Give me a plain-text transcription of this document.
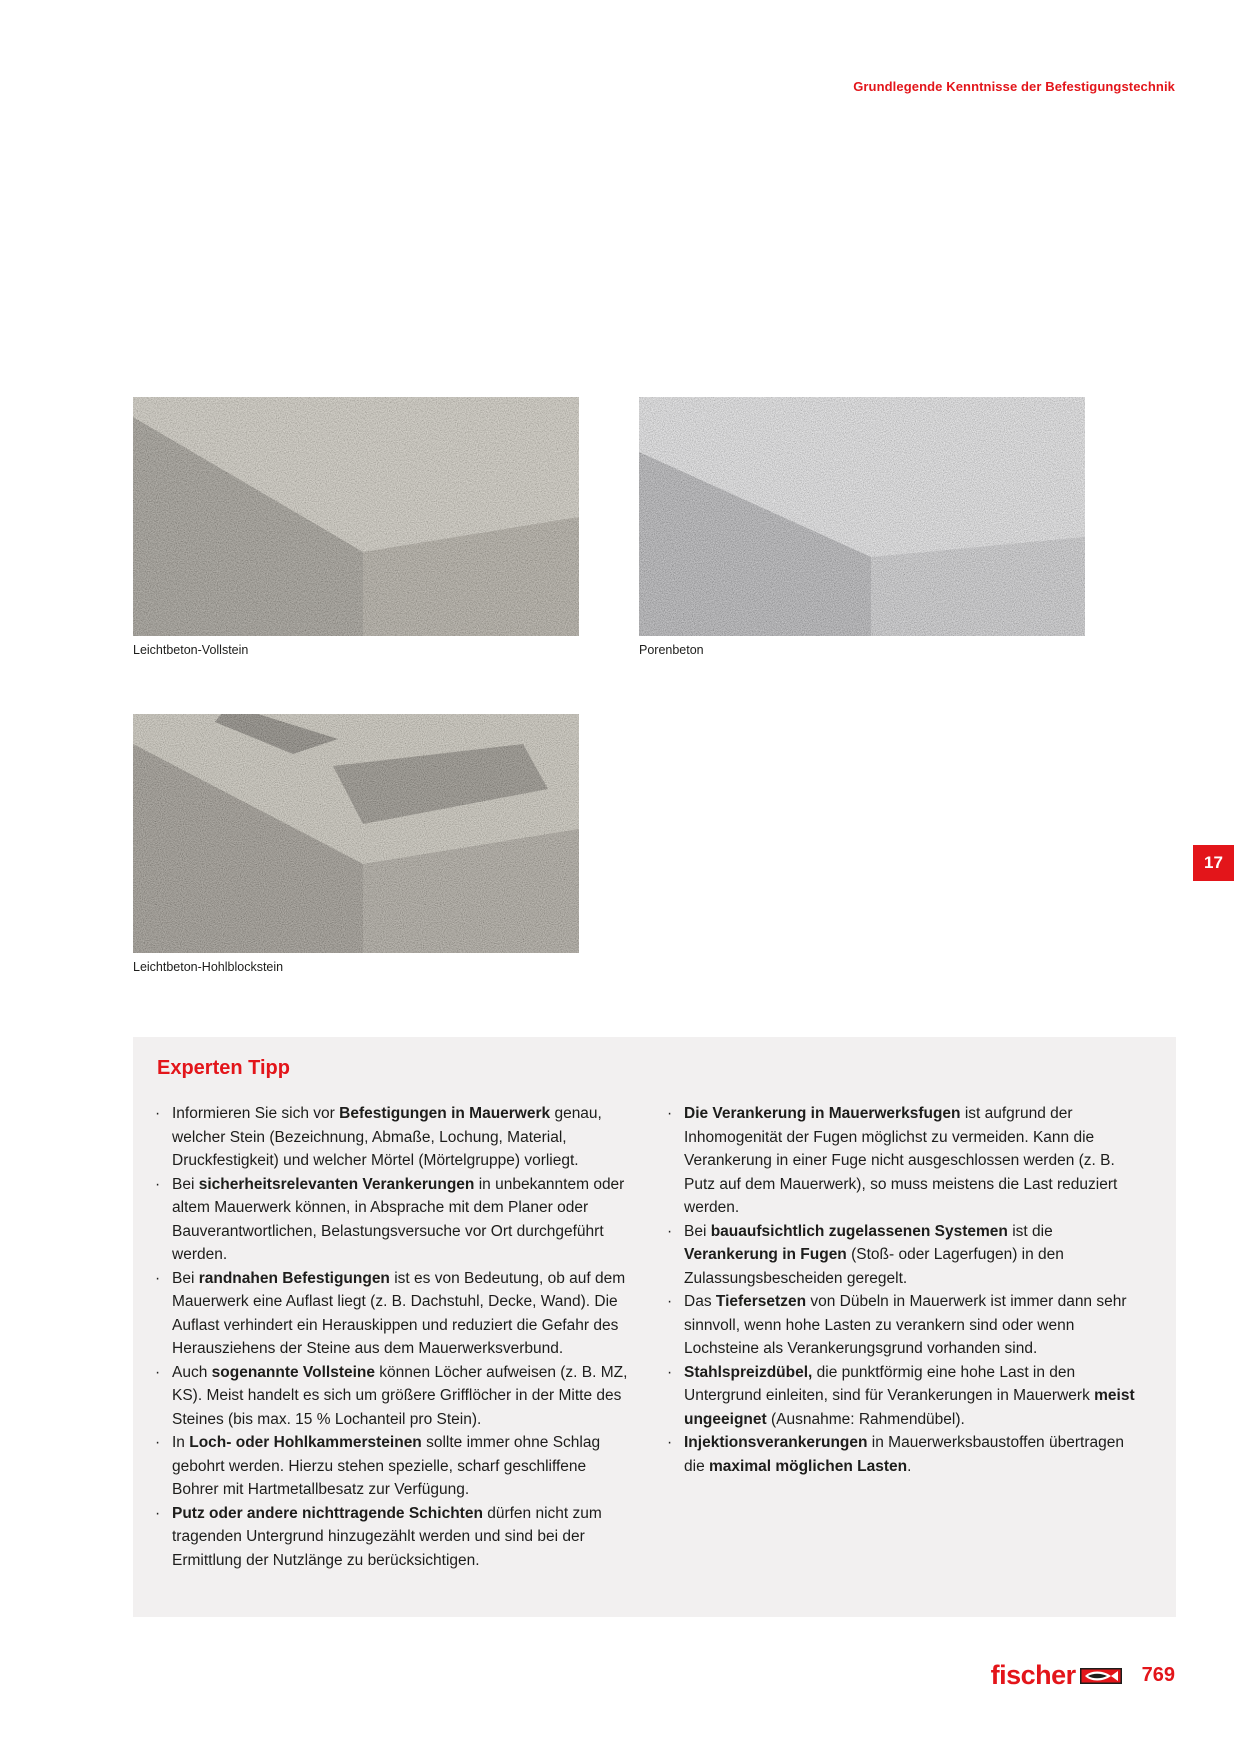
Grundlegende Kenntnisse der Befestigungstechnik
Leichtbeton-Vollstein	Porenbeton
Leichtbeton-Hohlblockstein
17
Experten Tipp
· Informieren Sie sich vor Befestigungen in Mauerwerk genau, welcher Stein (Bezeichnung, Abmaße, Lochung, Material, Druckfestigkeit) und welcher Mörtel (Mörtelgruppe) vorliegt.
· Bei sicherheitsrelevanten Verankerungen in unbekanntem oder altem Mauerwerk können, in Absprache mit dem Planer oder Bauverantwortlichen, Belastungsversuche vor Ort durchgeführt werden.
· Bei randnahen Befestigungen ist es von Bedeutung, ob auf dem Mauerwerk eine Auflast liegt (z. B. Dachstuhl, Decke, Wand). Die Auflast verhindert ein Herauskippen und reduziert die Gefahr des Herausziehens der Steine aus dem Mauerwerksverbund.
· Auch sogenannte Vollsteine können Löcher aufweisen (z. B. MZ, KS). Meist handelt es sich um größere Grifflöcher in der Mitte des Steines (bis max. 15 % Lochanteil pro Stein).
· In Loch- oder Hohlkammersteinen sollte immer ohne Schlag gebohrt werden. Hierzu stehen spezielle, scharf geschliffene Bohrer mit Hartmetallbesatz zur Verfügung.
· Putz oder andere nichttragende Schichten dürfen nicht zum tragenden Untergrund hinzugezählt werden und sind bei der Ermittlung der Nutzlänge zu berücksichtigen.
· Die Verankerung in Mauerwerksfugen ist aufgrund der Inhomogenität der Fugen möglichst zu vermeiden. Kann die Verankerung in einer Fuge nicht ausgeschlossen werden (z. B. Putz auf dem Mauerwerk), so muss meistens die Last reduziert werden.
· Bei bauaufsichtlich zugelassenen Systemen ist die Verankerung in Fugen (Stoß- oder Lagerfugen) in den Zulassungsbescheiden geregelt.
· Das Tiefersetzen von Dübeln in Mauerwerk ist immer dann sehr sinnvoll, wenn hohe Lasten zu verankern sind oder wenn Lochsteine als Verankerungsgrund vorhanden sind.
· Stahlspreizdübel, die punktförmig eine hohe Last in den Untergrund einleiten, sind für Verankerungen in Mauerwerk meist ungeeignet (Ausnahme: Rahmendübel).
· Injektionsverankerungen in Mauerwerksbaustoffen übertragen die maximal möglichen Lasten.
fischer	769
